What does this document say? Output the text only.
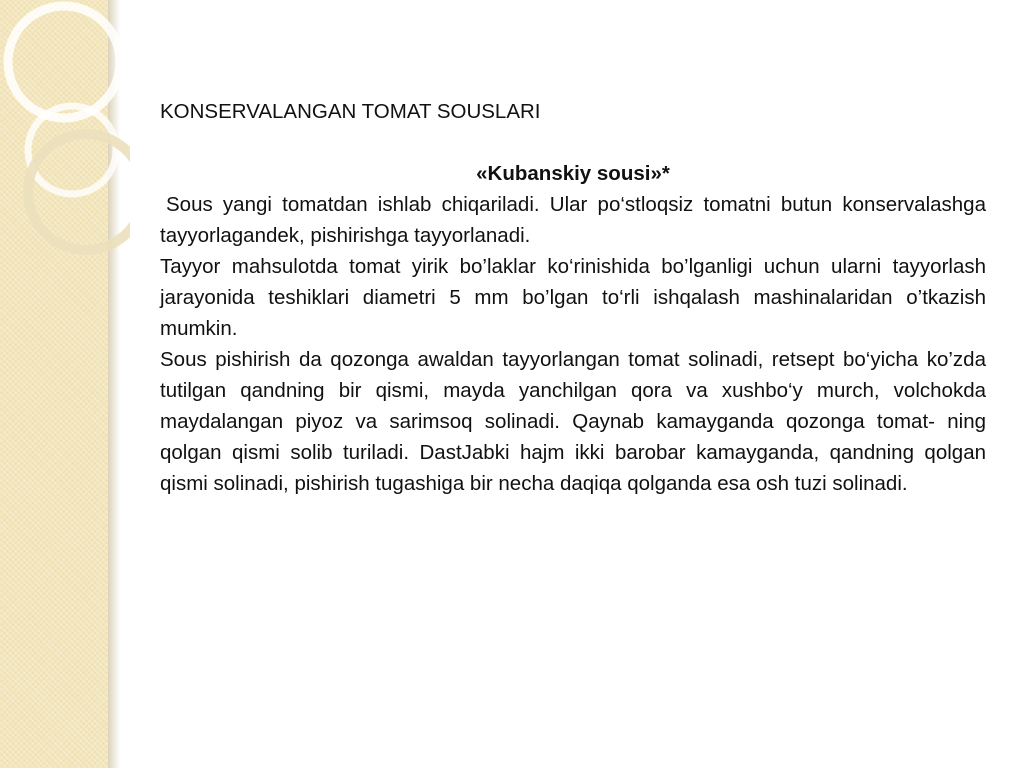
KONSERVALANGAN TOMAT SOUSLARI

«Kubanskiy sousi»*

Sous yangi tomatdan ishlab chiqariladi. Ular po‘stloqsiz tomatni butun konservalashga tayyorlagandek, pishirishga tayyorlanadi.

Tayyor mahsulotda tomat yirik bo’laklar ko‘rinishida bo’lganligi uchun ularni tayyorlash jarayonida teshiklari diametri 5 mm bo’lgan to‘rli ishqalash mashinalaridan o’tkazish mumkin.

Sous pishirish da qozonga awaldan tayyorlangan tomat solinadi, retsept bo‘yicha ko’zda tutilgan qandning bir qismi, mayda yanchilgan qora va xushbo‘y murch, volchokda maydalangan piyoz va sarimsoq solinadi. Qaynab kamayganda qozonga tomat- ning qolgan qismi solib turiladi. DastJabki hajm ikki barobar kamayganda, qandning qolgan qismi solinadi, pishirish tugashiga bir necha daqiqa qolganda esa osh tuzi solinadi.
